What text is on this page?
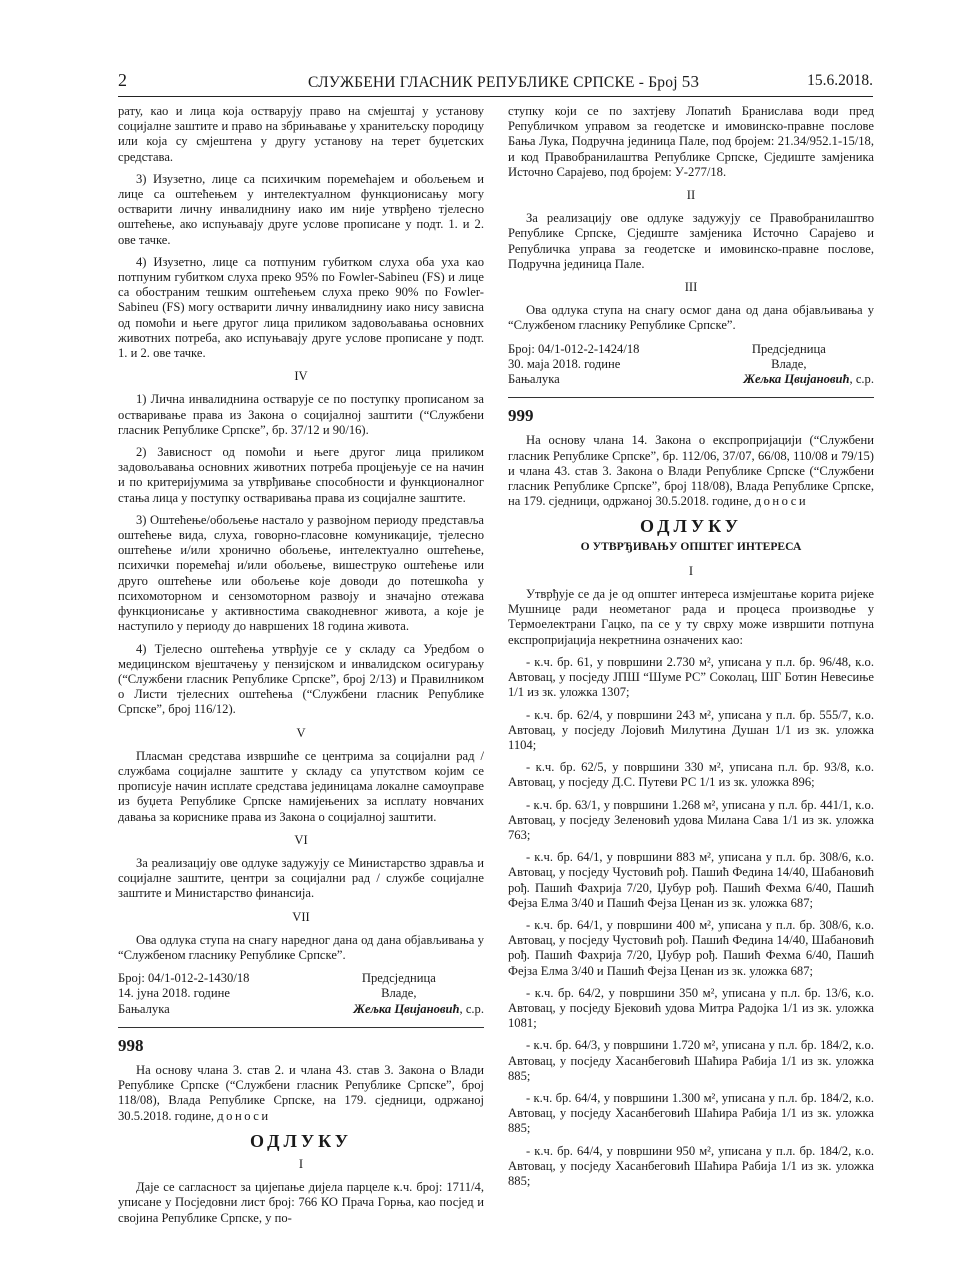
2	СЛУЖБЕНИ ГЛАСНИК РЕПУБЛИКЕ СРПСКЕ - Број 53	15.6.2018.

рату, као и лица која остварују право на смјештај у установу социјалне заштите и право на збрињавање у хранитељску породицу или која су смјештена у другу установу на терет буџетских средстава.

3) Изузетно, лице са психичким поремећајем и обољењем и лице са оштећењем у интелектуалном функционисању могу остварити личну инвалиднину иако им није утврђено тјелесно оштећење, ако испуњавају друге услове прописане у подт. 1. и 2. ове тачке.

4) Изузетно, лице са потпуним губитком слуха оба уха као потпуним губитком слуха преко 95% по Fowler-Sabineu (FS) и лице са обостраним тешким оштећењем слуха преко 90% по Fowler-Sabineu (FS) могу остварити личну инвалиднину иако нису зависна од помоћи и његе другог лица приликом задовољавања основних животних потреба, ако испуњавају друге услове прописане у подт. 1. и 2. ове тачке.

IV

1) Лична инвалиднина остварује се по поступку прописаном за остваривање права из Закона о социјалној заштити (“Службени гласник Републике Српске”, бр. 37/12 и 90/16).

2) Зависност од помоћи и његе другог лица приликом задовољавања основних животних потреба процјењује се на начин и по критеријумима за утврђивање способности и функционалног стања лица у поступку остваривања права из социјалне заштите.

3) Оштећење/обољење настало у развојном периоду представља оштећење вида, слуха, говорно-гласовне комуникације, тјелесно оштећење и/или хронично обољење, интелектуално оштећење, психички поремећај и/или обољење, вишеструко оштећење или друго оштећење или обољење које доводи до потешкоћа у психомоторном и сензомоторном развоју и значајно отежава функционисање у активностима свакодневног живота, а које је наступило у периоду до навршених 18 година живота.

4) Тјелесно оштећења утврђује се у складу са Уредбом о медицинском вјештачењу у пензијском и инвалидском осигурању (“Службени гласник Републике Српске”, број 2/13) и Правилником о Листи тјелесних оштећења (“Службени гласник Републике Српске”, број 116/12).

V

Пласман средстава извршиће се центрима за социјални рад / службама социјалне заштите у складу са упутством којим се прописује начин исплате средстава јединицама локалне самоуправе из буџета Републике Српске намијењених за исплату новчаних давања за кориснике права из Закона о социјалној заштити.

VI

За реализацију ове одлуке задужују се Министарство здравља и социјалне заштите, центри за социјални рад / службе социјалне заштите и Министарство финансија.

VII

Ова одлука ступа на снагу наредног дана од дана објављивања у “Службеном гласнику Републике Српске”.

Број: 04/1-012-2-1430/18
14. јуна 2018. године
Бањалука
Предсједница
Владе,
Жељка Цвијановић, с.р.
998

На основу члана 3. став 2. и члана 43. став 3. Закона о Влади Републике Српске (“Службени гласник Републике Српске”, број 118/08), Влада Републике Српске, на 179. сједници, одржаној 30.5.2018. године, доноси

ОДЛУКУ
I

Даје се сагласност за цијепање дијела парцеле к.ч. број: 1711/4, уписане у Посједовни лист број: 766 КО Прача Горња, као посјед и својина Републике Српске, у по-

ступку који се по захтјеву Лопатић Бранислава води пред Републичком управом за геодетске и имовинско-правне послове Бања Лука, Подручна јединица Пале, под бројем: 21.34/952.1-15/18, и код Правобранилаштва Републике Српске, Сједиште замјеника Источно Сарајево, под бројем: У-277/18.

II

За реализацију ове одлуке задужују се Правобранилаштво Републике Српске, Сједиште замјеника Источно Сарајево и Републичка управа за геодетске и имовинско-правне послове, Подручна јединица Пале.

III

Ова одлука ступа на снагу осмог дана од дана објављивања у “Службеном гласнику Републике Српске”.

Број: 04/1-012-2-1424/18
30. маја 2018. године
Бањалука
Предсједница
Владе,
Жељка Цвијановић, с.р.
999

На основу члана 14. Закона о експропријацији (“Службени гласник Републике Српске”, бр. 112/06, 37/07, 66/08, 110/08 и 79/15) и члана 43. став 3. Закона о Влади Републике Српске (“Службени гласник Републике Српске”, број 118/08), Влада Републике Српске, на 179. сједници, одржаној 30.5.2018. године, доноси

ОДЛУКУ
О УТВРЂИВАЊУ ОПШТЕГ ИНТЕРЕСА
I

Утврђује се да је од општег интереса измјештање корита ријеке Мушнице ради неометаног рада и процеса производње у Термоелектрани Гацко, па се у ту сврху може извршити потпуна експропријација некретнина означених као:

- к.ч. бр. 61, у површини 2.730 м², уписана у п.л. бр. 96/48, к.о. Автовац, у посједу ЈПШ “Шуме РС” Соколац, ШГ Ботин Невесиње 1/1 из зк. уложка 1307;

- к.ч. бр. 62/4, у површини 243 м², уписана у п.л. бр. 555/7, к.о. Автовац, у посједу Лојовић Милутина Душан 1/1 из зк. уложка 1104;

- к.ч. бр. 62/5, у површини 330 м², уписана п.л. бр. 93/8, к.о. Автовац, у посједу Д.С. Путеви РС 1/1 из зк. уложка 896;

- к.ч. бр. 63/1, у површини 1.268 м², уписана у п.л. бр. 441/1, к.о. Автовац, у посједу Зеленовић удова Милана Сава 1/1 из зк. уложка 763;

- к.ч. бр. 64/1, у површини 883 м², уписана у п.л. бр. 308/6, к.о. Автовац, у посједу Чустовић рођ. Пашић Федина 14/40, Шабановић рођ. Пашић Фахрија 7/20, Џубур рођ. Пашић Фехма 6/40, Пашић Фејза Елма 3/40 и Пашић Фејза Ценан из зк. уложка 687;

- к.ч. бр. 64/1, у површини 400 м², уписана у п.л. бр. 308/6, к.о. Автовац, у посједу Чустовић рођ. Пашић Федина 14/40, Шабановић рођ. Пашић Фахрија 7/20, Џубур рођ. Пашић Фехма 6/40, Пашић Фејза Елма 3/40 и Пашић Фејза Ценан из зк. уложка 687;

- к.ч. бр. 64/2, у површини 350 м², уписана у п.л. бр. 13/6, к.о. Автовац, у посједу Бјековић удова Митра Радојка 1/1 из зк. уложка 1081;

- к.ч. бр. 64/3, у површини 1.720 м², уписана у п.л. бр. 184/2, к.о. Автовац, у посједу Хасанбеговић Шаћира Рабија 1/1 из зк. уложка 885;

- к.ч. бр. 64/4, у површини 1.300 м², уписана у п.л. бр. 184/2, к.о. Автовац, у посједу Хасанбеговић Шаћира Рабија 1/1 из зк. уложка 885;

- к.ч. бр. 64/4, у површини 950 м², уписана у п.л. бр. 184/2, к.о. Автовац, у посједу Хасанбеговић Шаћира Рабија 1/1 из зк. уложка 885;
